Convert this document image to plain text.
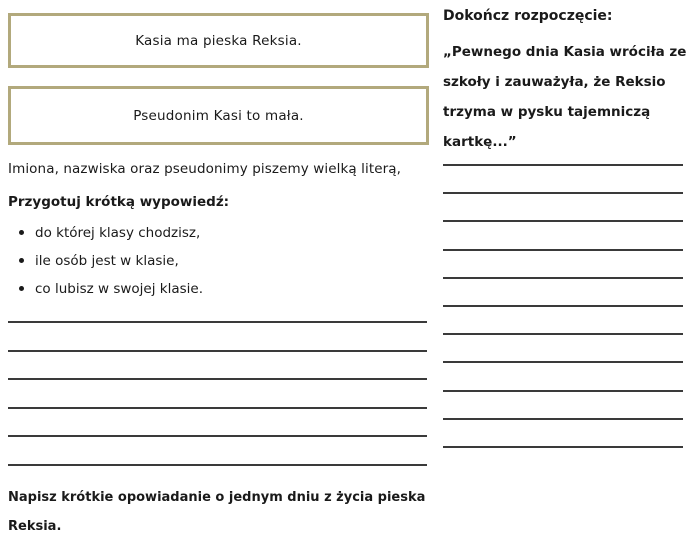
Kasia ma pieska Reksia.
Pseudonim Kasi to mała.

Imiona, nazwiska oraz pseudonimy piszemy wielką literą,

Przygotuj krótką wypowiedź:
do której klasy chodzisz,
ile osób jest w klasie,
co lubisz w swojej klasie.
Napisz krótkie opowiadanie o jednym dniu z życia pieska
Reksia.
Dokończ rozpoczęcie:
„Pewnego dnia Kasia wróciła ze
szkoły i zauważyła, że Reksio
trzyma w pysku tajemniczą
kartkę...”
